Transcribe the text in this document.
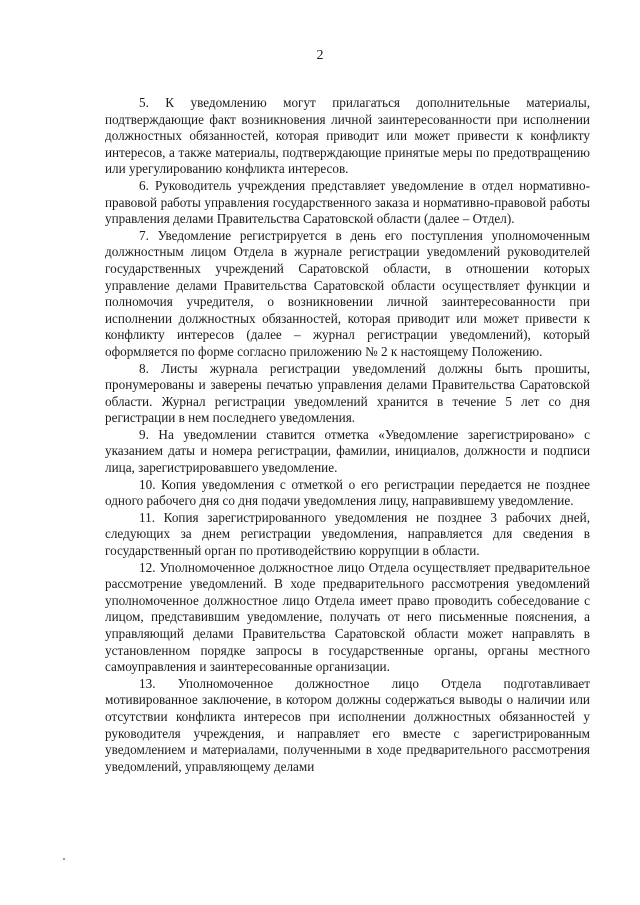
2

5. К уведомлению могут прилагаться дополнительные материалы, подтверждающие факт возникновения личной заинтересованности при исполнении должностных обязанностей, которая приводит или может привести к конфликту интересов, а также материалы, подтверждающие принятые меры по предотвращению или урегулированию конфликта интересов.

6. Руководитель учреждения представляет уведомление в отдел нормативно-правовой работы управления государственного заказа и нормативно-правовой работы управления делами Правительства Саратовской области (далее – Отдел).

7. Уведомление регистрируется в день его поступления уполномоченным должностным лицом Отдела в журнале регистрации уведомлений руководителей государственных учреждений Саратовской области, в отношении которых управление делами Правительства Саратовской области осуществляет функции и полномочия учредителя, о возникновении личной заинтересованности при исполнении должностных обязанностей, которая приводит или может привести к конфликту интересов (далее – журнал регистрации уведомлений), который оформляется по форме согласно приложению № 2 к настоящему Положению.

8. Листы журнала регистрации уведомлений должны быть прошиты, пронумерованы и заверены печатью управления делами Правительства Саратовской области. Журнал регистрации уведомлений хранится в течение 5 лет со дня регистрации в нем последнего уведомления.

9. На уведомлении ставится отметка «Уведомление зарегистрировано» с указанием даты и номера регистрации, фамилии, инициалов, должности и подписи лица, зарегистрировавшего уведомление.

10. Копия уведомления с отметкой о его регистрации передается не позднее одного рабочего дня со дня подачи уведомления лицу, направившему уведомление.

11. Копия зарегистрированного уведомления не позднее 3 рабочих дней, следующих за днем регистрации уведомления, направляется для сведения в государственный орган по противодействию коррупции в области.

12. Уполномоченное должностное лицо Отдела осуществляет предварительное рассмотрение уведомлений. В ходе предварительного рассмотрения уведомлений уполномоченное должностное лицо Отдела имеет право проводить собеседование с лицом, представившим уведомление, получать от него письменные пояснения, а управляющий делами Правительства Саратовской области может направлять в установленном порядке запросы в государственные органы, органы местного самоуправления и заинтересованные организации.

13. Уполномоченное должностное лицо Отдела подготавливает мотивированное заключение, в котором должны содержаться выводы о наличии или отсутствии конфликта интересов при исполнении должностных обязанностей у руководителя учреждения, и направляет его вместе с зарегистрированным уведомлением и материалами, полученными в ходе предварительного рассмотрения уведомлений, управляющему делами
